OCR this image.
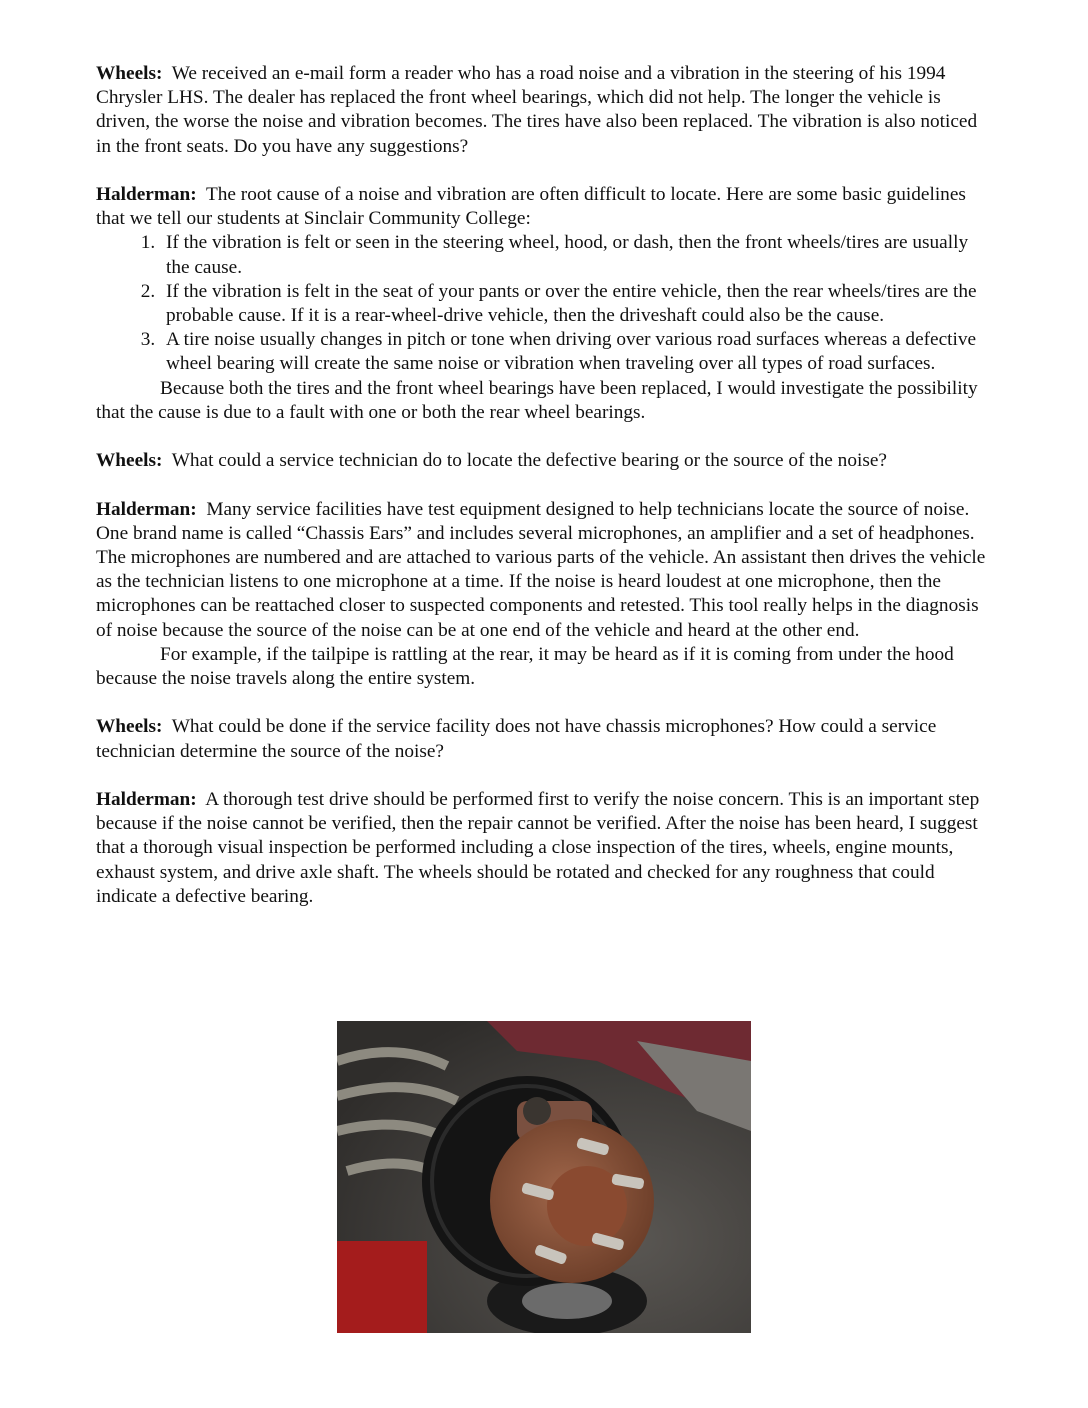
Wheels: We received an e-mail form a reader who has a road noise and a vibration in the steering of his 1994 Chrysler LHS. The dealer has replaced the front wheel bearings, which did not help. The longer the vehicle is driven, the worse the noise and vibration becomes. The tires have also been replaced. The vibration is also noticed in the front seats. Do you have any suggestions?

Halderman: The root cause of a noise and vibration are often difficult to locate. Here are some basic guidelines that we tell our students at Sinclair Community College:
1. If the vibration is felt or seen in the steering wheel, hood, or dash, then the front wheels/tires are usually the cause.
2. If the vibration is felt in the seat of your pants or over the entire vehicle, then the rear wheels/tires are the probable cause. If it is a rear-wheel-drive vehicle, then the driveshaft could also be the cause.
3. A tire noise usually changes in pitch or tone when driving over various road surfaces whereas a defective wheel bearing will create the same noise or vibration when traveling over all types of road surfaces.

Because both the tires and the front wheel bearings have been replaced, I would investigate the possibility that the cause is due to a fault with one or both the rear wheel bearings.

Wheels: What could a service technician do to locate the defective bearing or the source of the noise?

Halderman: Many service facilities have test equipment designed to help technicians locate the source of noise. One brand name is called “Chassis Ears” and includes several microphones, an amplifier and a set of headphones. The microphones are numbered and are attached to various parts of the vehicle. An assistant then drives the vehicle as the technician listens to one microphone at a time. If the noise is heard loudest at one microphone, then the microphones can be reattached closer to suspected components and retested. This tool really helps in the diagnosis of noise because the source of the noise can be at one end of the vehicle and heard at the other end.

For example, if the tailpipe is rattling at the rear, it may be heard as if it is coming from under the hood because the noise travels along the entire system.

Wheels: What could be done if the service facility does not have chassis microphones? How could a service technician determine the source of the noise?

Halderman: A thorough test drive should be performed first to verify the noise concern. This is an important step because if the noise cannot be verified, then the repair cannot be verified. After the noise has been heard, I suggest that a thorough visual inspection be performed including a close inspection of the tires, wheels, engine mounts, exhaust system, and drive axle shaft. The wheels should be rotated and checked for any roughness that could indicate a defective bearing.
